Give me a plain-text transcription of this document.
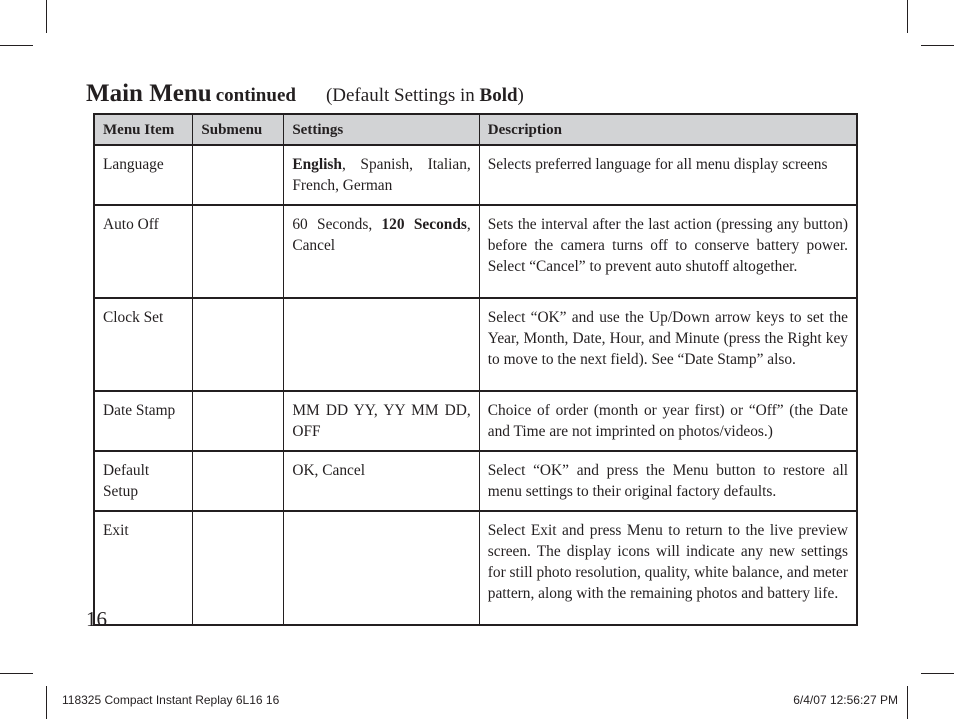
Main Menu continued (Default Settings in Bold)
Menu Item	Submenu	Settings	Description
Language		English, Spanish, Italian, French, German	Selects preferred language for all menu display screens
Auto Off		60 Seconds, 120 Seconds, Cancel	Sets the interval after the last action (pressing any button) before the camera turns off to conserve battery power. Select “Cancel” to prevent auto shutoff altogether.
Clock Set			Select “OK” and use the Up/Down arrow keys to set the Year, Month, Date, Hour, and Minute (press the Right key to move to the next field). See “Date Stamp” also.
Date Stamp		MM DD YY, YY MM DD, OFF	Choice of order (month or year first) or “Off” (the Date and Time are not imprinted on photos/videos.)
Default Setup		OK, Cancel	Select “OK” and press the Menu button to restore all menu settings to their original factory defaults.
Exit			Select Exit and press Menu to return to the live preview screen. The display icons will indicate any new settings for still photo resolution, quality, white balance, and meter pattern, along with the remaining photos and battery life.
16
118325 Compact Instant Replay 6L16 16	6/4/07 12:56:27 PM
